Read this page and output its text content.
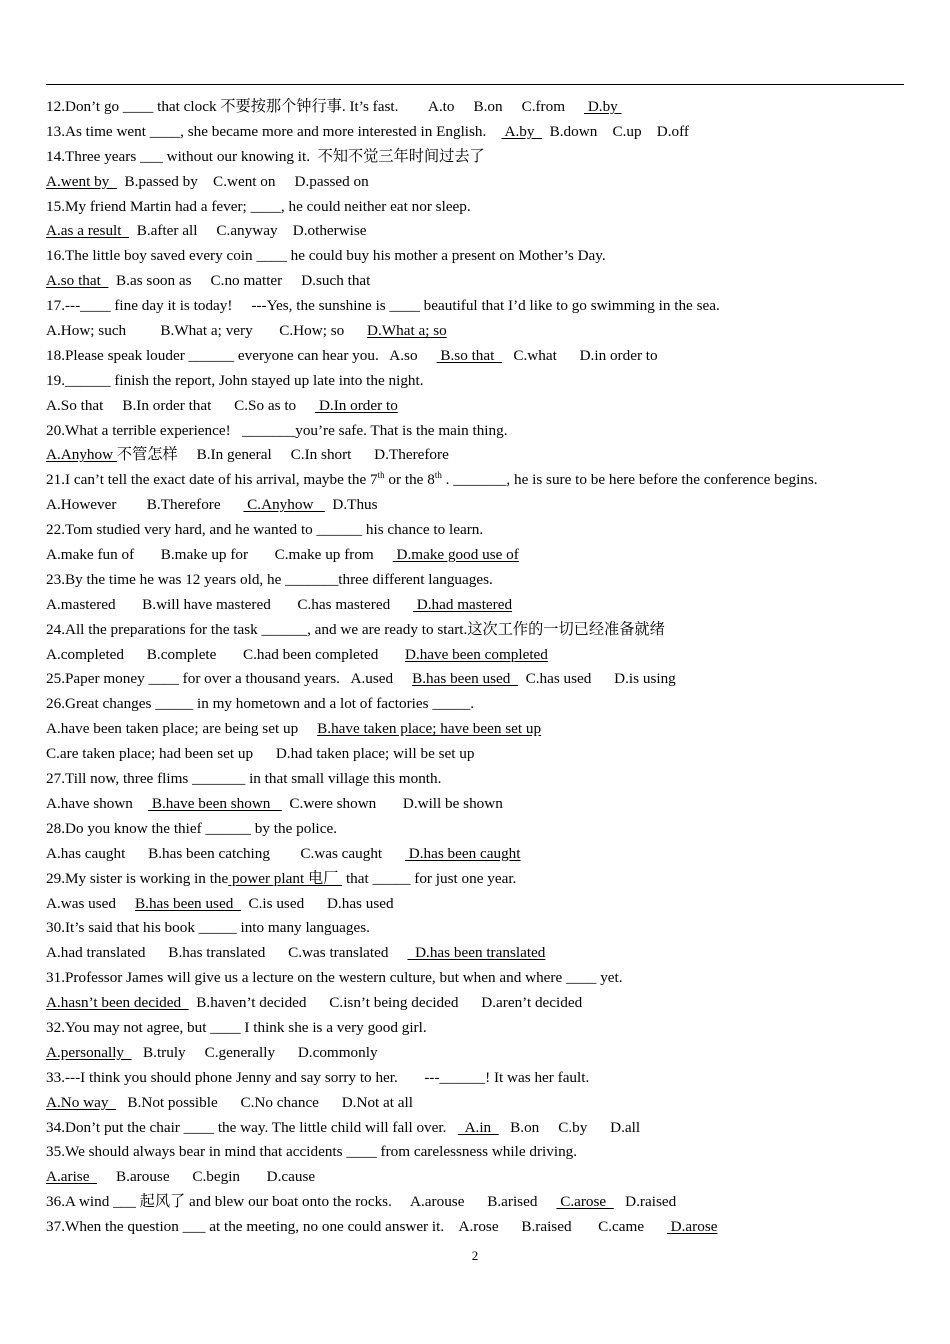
12.Don’t go ____ that clock 不要按那个钟行事. It’s fast.        A.to     B.on     C.from      D.by
13.As time went ____, she became more and more interested in English.     A.by    B.down    C.up    D.off
14.Three years ___ without our knowing it.  不知不觉三年时间过去了
A.went by    B.passed by    C.went on     D.passed on
15.My friend Martin had a fever; ____, he could neither eat nor sleep.
A.as a result    B.after all     C.anyway    D.otherwise
16.The little boy saved every coin ____ he could buy his mother a present on Mother’s Day.
A.so that    B.as soon as     C.no matter     D.such that
17.---____ fine day it is today!     ---Yes, the sunshine is ____ beautiful that I’d like to go swimming in the sea.
A.How; such         B.What a; very       C.How; so      D.What a; so
18.Please speak louder ______ everyone can hear you.   A.so      B.so that     C.what      D.in order to
19.______ finish the report, John stayed up late into the night.
A.So that     B.In order that      C.So as to      D.In order to
20.What a terrible experience!   _______you’re safe. That is the main thing.
A.Anyhow 不管怎样     B.In general     C.In short      D.Therefore
21.I can’t tell the exact date of his arrival, maybe the 7th or the 8th . _______, he is sure to be here before the conference begins.
A.However        B.Therefore       C.Anyhow     D.Thus
22.Tom studied very hard, and he wanted to ______ his chance to learn.
A.make fun of       B.make up for       C.make up from      D.make good use of
23.By the time he was 12 years old, he _______three different languages.
A.mastered       B.will have mastered       C.has mastered       D.had mastered
24.All the preparations for the task ______, and we are ready to start.这次工作的一切已经准备就绪
A.completed      B.complete       C.had been completed       D.have been completed
25.Paper money ____ for over a thousand years.   A.used     B.has been used    C.has used      D.is using
26.Great changes _____ in my hometown and a lot of factories _____.
A.have been taken place; are being set up     B.have taken place; have been set up
C.are taken place; had been set up      D.had taken place; will be set up
27.Till now, three flims _______ in that small village this month.
A.have shown     B.have been shown     C.were shown       D.will be shown
28.Do you know the thief ______ by the police.
A.has caught      B.has been catching        C.was caught       D.has been caught
29.My sister is working in the power plant 电厂  that _____ for just one year.
A.was used     B.has been used    C.is used      D.has used
30.It’s said that his book _____ into many languages.
A.had translated      B.has translated      C.was translated       D.has been translated
31.Professor James will give us a lecture on the western culture, but when and where ____ yet.
A.hasn’t been decided    B.haven’t decided      C.isn’t being decided      D.aren’t decided
32.You may not agree, but ____ I think she is a very good girl.
A.personally     B.truly     C.generally      D.commonly
33.---I think you should phone Jenny and say sorry to her.       ---______! It was her fault.
A.No way     B.Not possible      C.No chance      D.Not at all
34.Don’t put the chair ____ the way. The little child will fall over.     A.in     B.on     C.by      D.all
35.We should always bear in mind that accidents ____ from carelessness while driving.
A.arise       B.arouse      C.begin       D.cause
36.A wind ___ 起风了 and blew our boat onto the rocks.     A.arouse      B.arised      C.arose     D.raised
37.When the question ___ at the meeting, no one could answer it.    A.rose      B.raised       C.came       D.arose
2
